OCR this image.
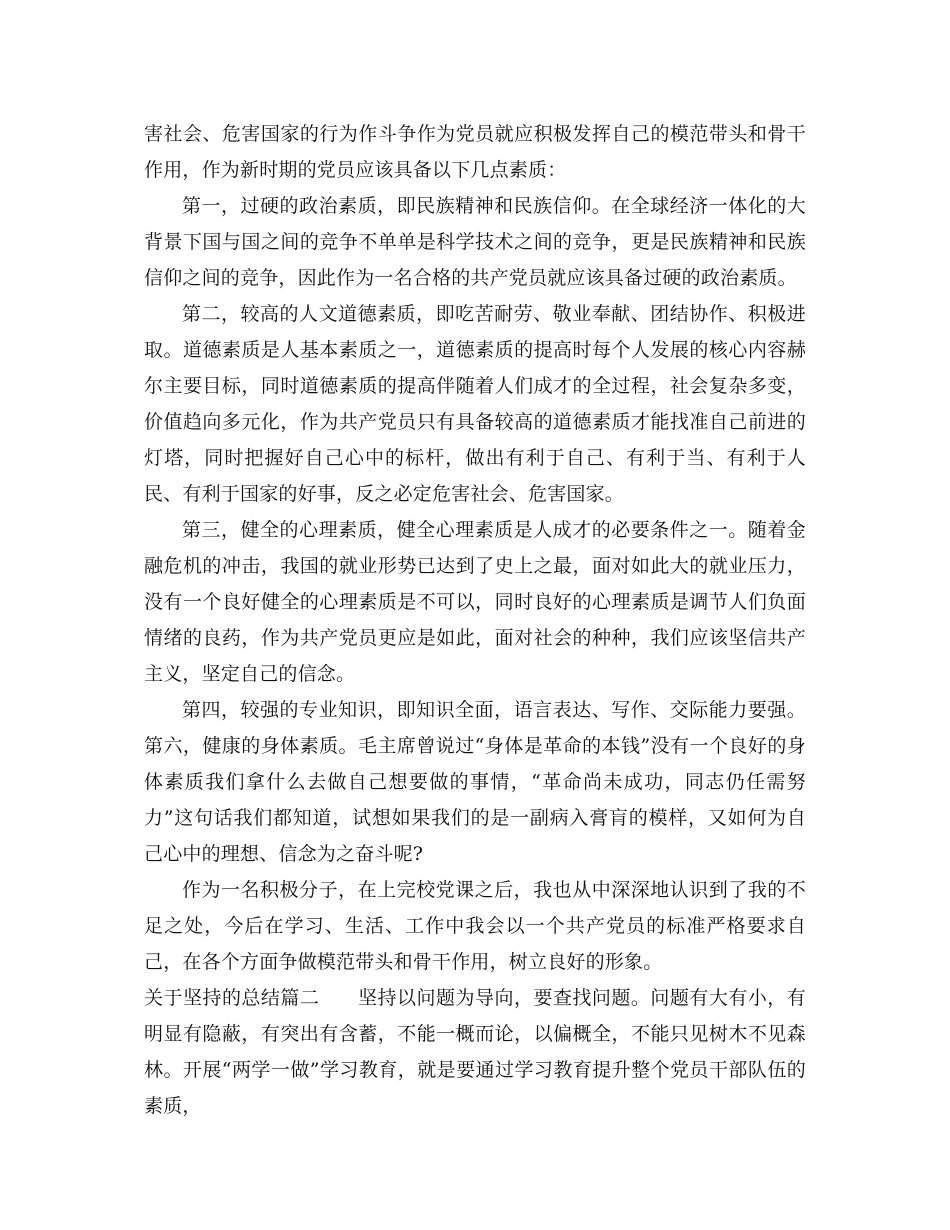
害社会、危害国家的行为作斗争作为党员就应积极发挥自己的模范带头和骨干作用，作为新时期的党员应该具备以下几点素质：

第一，过硬的政治素质，即民族精神和民族信仰。在全球经济一体化的大背景下国与国之间的竞争不单单是科学技术之间的竞争，更是民族精神和民族信仰之间的竞争，因此作为一名合格的共产党员就应该具备过硬的政治素质。

第二，较高的人文道德素质，即吃苦耐劳、敬业奉献、团结协作、积极进取。道德素质是人基本素质之一，道德素质的提高时每个人发展的核心内容赫尔主要目标，同时道德素质的提高伴随着人们成才的全过程，社会复杂多变，价值趋向多元化，作为共产党员只有具备较高的道德素质才能找准自己前进的灯塔，同时把握好自己心中的标杆，做出有利于自己、有利于当、有利于人民、有利于国家的好事，反之必定危害社会、危害国家。

第三，健全的心理素质，健全心理素质是人成才的必要条件之一。随着金融危机的冲击，我国的就业形势已达到了史上之最，面对如此大的就业压力，没有一个良好健全的心理素质是不可以，同时良好的心理素质是调节人们负面情绪的良药，作为共产党员更应是如此，面对社会的种种，我们应该坚信共产主义，坚定自己的信念。

第四，较强的专业知识，即知识全面，语言表达、写作、交际能力要强。第六，健康的身体素质。毛主席曾说过“身体是革命的本钱”没有一个良好的身体素质我们拿什么去做自己想要做的事情，“革命尚未成功，同志仍任需努力”这句话我们都知道，试想如果我们的是一副病入膏肓的模样，又如何为自己心中的理想、信念为之奋斗呢?

作为一名积极分子，在上完校党课之后，我也从中深深地认识到了我的不足之处，今后在学习、生活、工作中我会以一个共产党员的标准严格要求自己，在各个方面争做模范带头和骨干作用，树立良好的形象。

关于坚持的总结篇二   坚持以问题为导向，要查找问题。问题有大有小，有明显有隐蔽，有突出有含蓄，不能一概而论，以偏概全，不能只见树木不见森林。开展“两学一做”学习教育，就是要通过学习教育提升整个党员干部队伍的素质，
